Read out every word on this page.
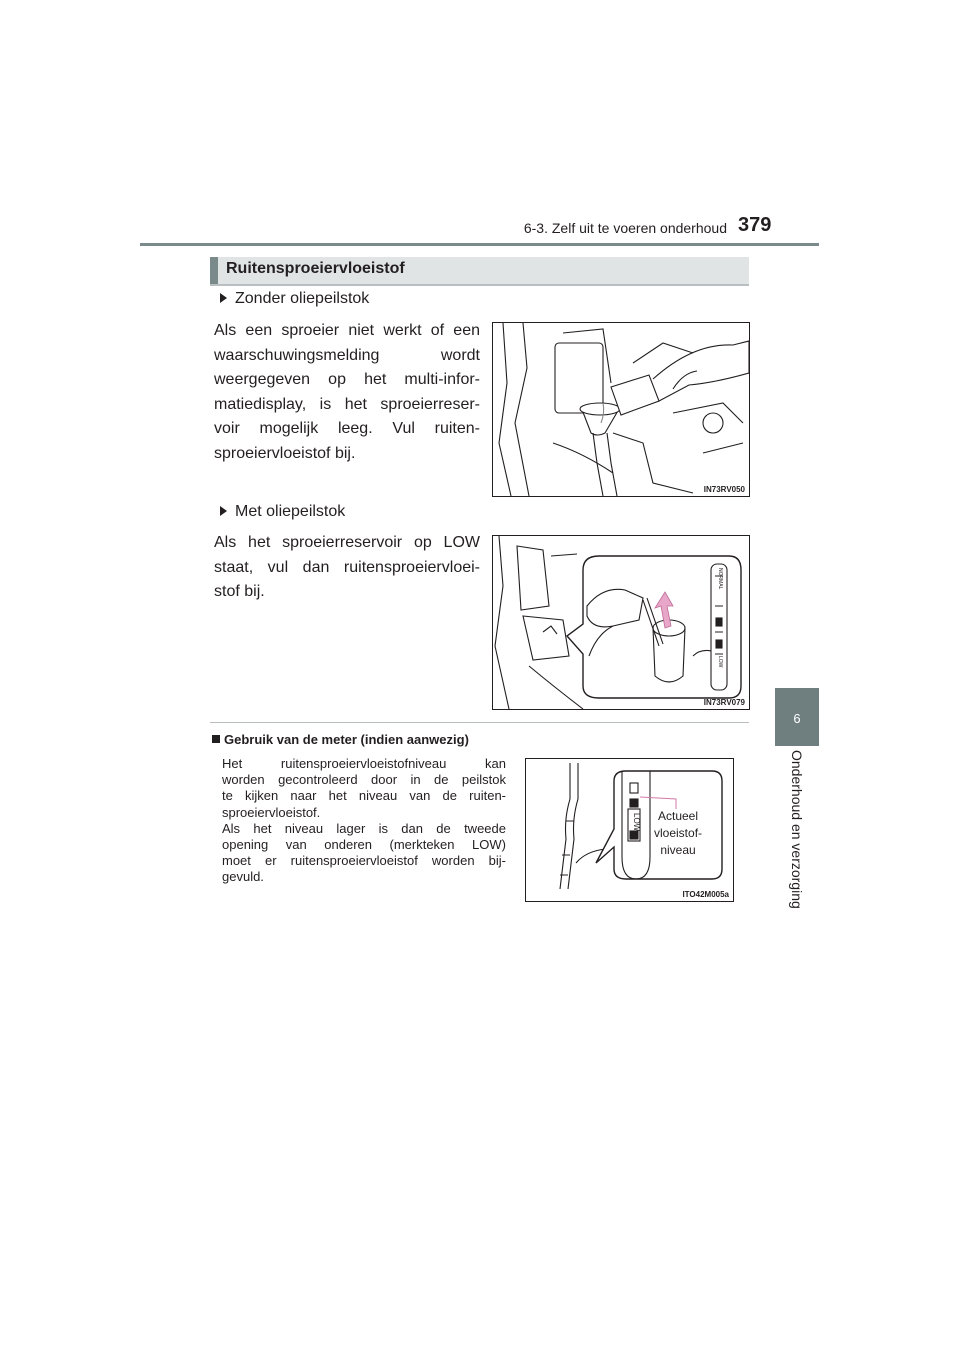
6-3. Zelf uit te voeren onderhoud 379
6
Onderhoud en verzorging
Ruitensproeiervloeistof
Zonder oliepeilstok
Als een sproeier niet werkt of een
waarschuwingsmelding wordt
weergegeven op het multi-infor-
matiedisplay, is het sproeierreser-
voir mogelijk leeg. Vul ruiten-
sproeiervloeistof bij.
IN73RV050
Met oliepeilstok
Als het sproeierreservoir op LOW
staat, vul dan ruitensproeiervloei-
stof bij.
NORMAL
LOW
IN73RV079
Gebruik van de meter (indien aanwezig)

Het ruitensproeiervloeistofniveau kan

worden gecontroleerd door in de peilstok

te kijken naar het niveau van de ruiten-

sproeiervloeistof.

Als het niveau lager is dan de tweede

opening van onderen (merkteken LOW)

moet er ruitensproeiervloeistof worden bij-

gevuld.

LOW
ITO42M005a
Actueel
vloeistof-
niveau
